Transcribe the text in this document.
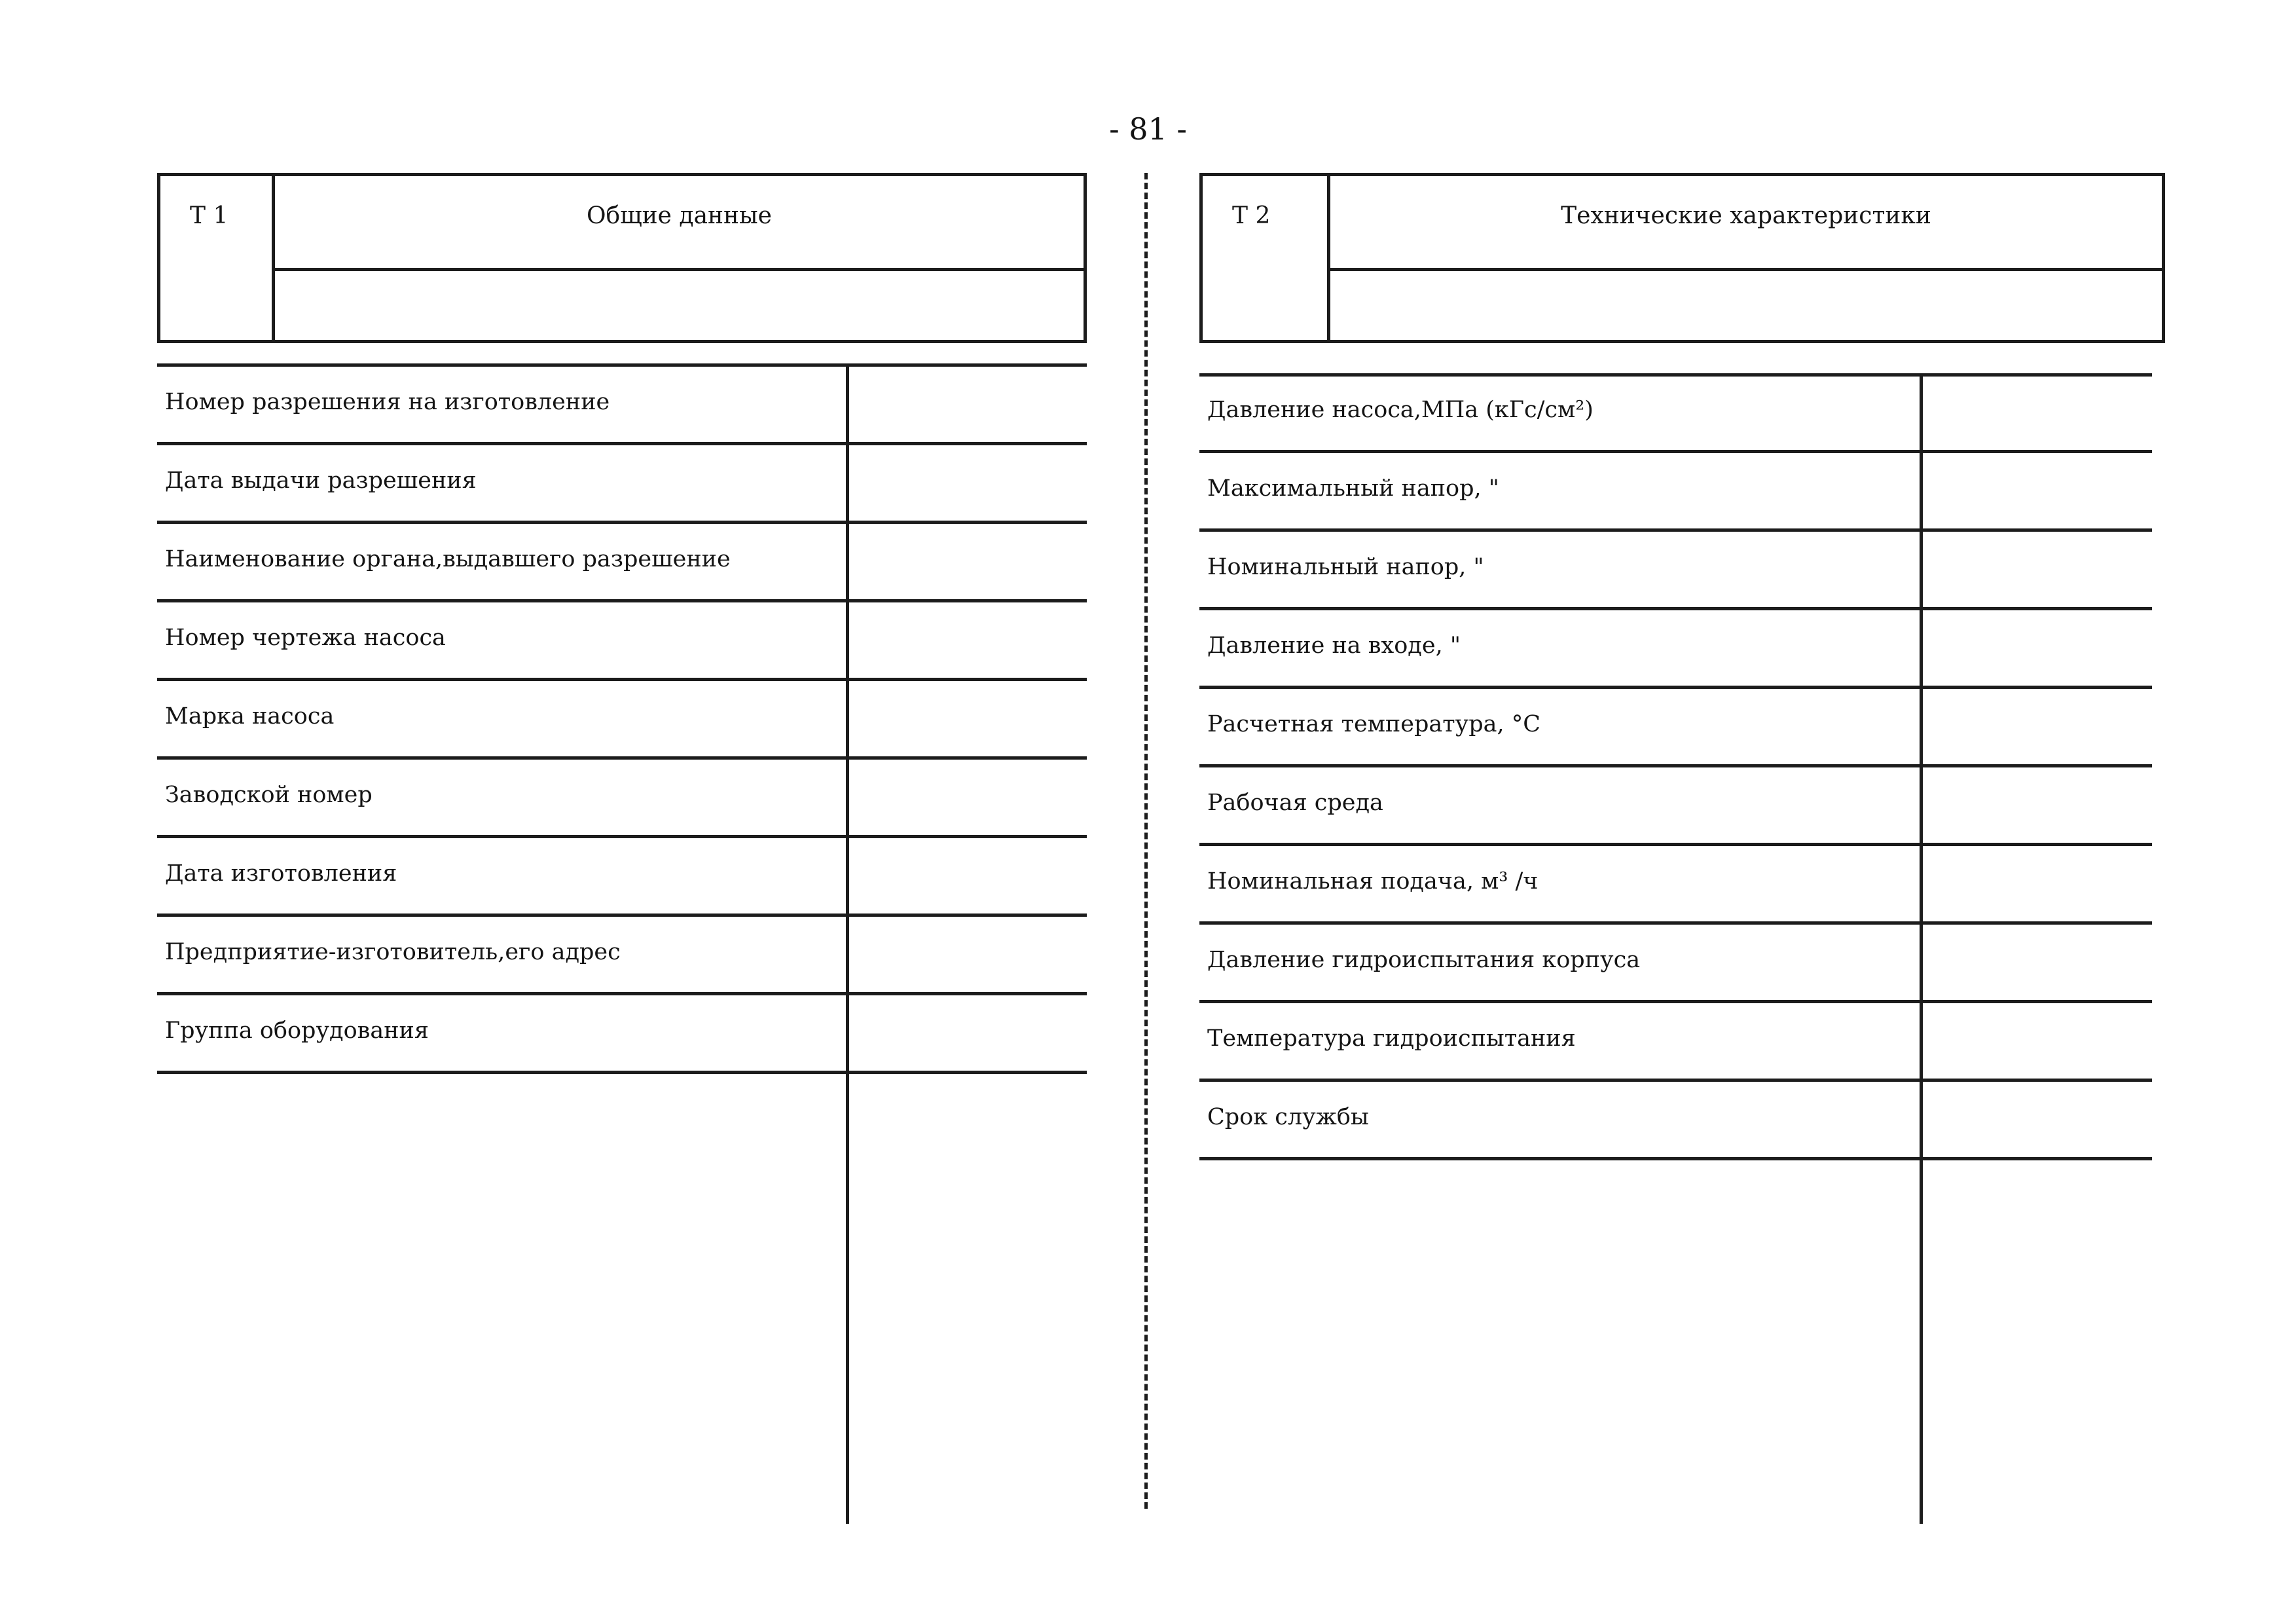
- 81 -
Т 1	Общие данные
Номер разрешения на изготовление
Дата выдачи разрешения
Наименование органа,выдавшего разрешение
Номер чертежа насоса
Марка насоса
Заводской номер
Дата изготовления
Предприятие-изготовитель,его адрес
Группа оборудования
Т 2	Технические характеристики
Давление насоса,МПа (кГс/см²)
Максимальный напор, "
Номинальный напор, "
Давление на входе, "
Расчетная температура, °С
Рабочая среда
Номинальная подача, м³ /ч
Давление гидроиспытания корпуса
Температура гидроиспытания
Срок службы
